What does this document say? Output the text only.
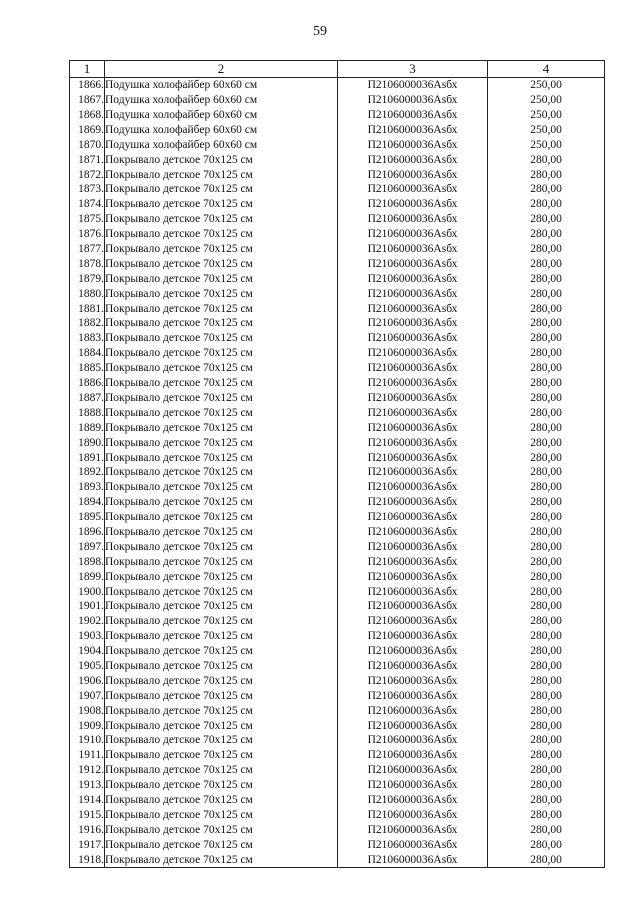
59
1	2	3	4
1866.	Подушка холофайбер 60х60 см	П2106000036Аѕбх	250,00
1867.	Подушка холофайбер 60х60 см	П2106000036Аѕбх	250,00
1868.	Подушка холофайбер 60х60 см	П2106000036Аѕбх	250,00
1869.	Подушка холофайбер 60х60 см	П2106000036Аѕбх	250,00
1870.	Подушка холофайбер 60х60 см	П2106000036Аѕбх	250,00
1871.	Покрывало детское 70х125 см	П2106000036Аѕбх	280,00
1872.	Покрывало детское 70х125 см	П2106000036Аѕбх	280,00
1873.	Покрывало детское 70х125 см	П2106000036Аѕбх	280,00
1874.	Покрывало детское 70х125 см	П2106000036Аѕбх	280,00
1875.	Покрывало детское 70х125 см	П2106000036Аѕбх	280,00
1876.	Покрывало детское 70х125 см	П2106000036Аѕбх	280,00
1877.	Покрывало детское 70х125 см	П2106000036Аѕбх	280,00
1878.	Покрывало детское 70х125 см	П2106000036Аѕбх	280,00
1879.	Покрывало детское 70х125 см	П2106000036Аѕбх	280,00
1880.	Покрывало детское 70х125 см	П2106000036Аѕбх	280,00
1881.	Покрывало детское 70х125 см	П2106000036Аѕбх	280,00
1882.	Покрывало детское 70х125 см	П2106000036Аѕбх	280,00
1883.	Покрывало детское 70х125 см	П2106000036Аѕбх	280,00
1884.	Покрывало детское 70х125 см	П2106000036Аѕбх	280,00
1885.	Покрывало детское 70х125 см	П2106000036Аѕбх	280,00
1886.	Покрывало детское 70х125 см	П2106000036Аѕбх	280,00
1887.	Покрывало детское 70х125 см	П2106000036Аѕбх	280,00
1888.	Покрывало детское 70х125 см	П2106000036Аѕбх	280,00
1889.	Покрывало детское 70х125 см	П2106000036Аѕбх	280,00
1890.	Покрывало детское 70х125 см	П2106000036Аѕбх	280,00
1891.	Покрывало детское 70х125 см	П2106000036Аѕбх	280,00
1892.	Покрывало детское 70х125 см	П2106000036Аѕбх	280,00
1893.	Покрывало детское 70х125 см	П2106000036Аѕбх	280,00
1894.	Покрывало детское 70х125 см	П2106000036Аѕбх	280,00
1895.	Покрывало детское 70х125 см	П2106000036Аѕбх	280,00
1896.	Покрывало детское 70х125 см	П2106000036Аѕбх	280,00
1897.	Покрывало детское 70х125 см	П2106000036Аѕбх	280,00
1898.	Покрывало детское 70х125 см	П2106000036Аѕбх	280,00
1899.	Покрывало детское 70х125 см	П2106000036Аѕбх	280,00
1900.	Покрывало детское 70х125 см	П2106000036Аѕбх	280,00
1901.	Покрывало детское 70х125 см	П2106000036Аѕбх	280,00
1902.	Покрывало детское 70х125 см	П2106000036Аѕбх	280,00
1903.	Покрывало детское 70х125 см	П2106000036Аѕбх	280,00
1904.	Покрывало детское 70х125 см	П2106000036Аѕбх	280,00
1905.	Покрывало детское 70х125 см	П2106000036Аѕбх	280,00
1906.	Покрывало детское 70х125 см	П2106000036Аѕбх	280,00
1907.	Покрывало детское 70х125 см	П2106000036Аѕбх	280,00
1908.	Покрывало детское 70х125 см	П2106000036Аѕбх	280,00
1909.	Покрывало детское 70х125 см	П2106000036Аѕбх	280,00
1910.	Покрывало детское 70х125 см	П2106000036Аѕбх	280,00
1911.	Покрывало детское 70х125 см	П2106000036Аѕбх	280,00
1912.	Покрывало детское 70х125 см	П2106000036Аѕбх	280,00
1913.	Покрывало детское 70х125 см	П2106000036Аѕбх	280,00
1914.	Покрывало детское 70х125 см	П2106000036Аѕбх	280,00
1915.	Покрывало детское 70х125 см	П2106000036Аѕбх	280,00
1916.	Покрывало детское 70х125 см	П2106000036Аѕбх	280,00
1917.	Покрывало детское 70х125 см	П2106000036Аѕбх	280,00
1918.	Покрывало детское 70х125 см	П2106000036Аѕбх	280,00
